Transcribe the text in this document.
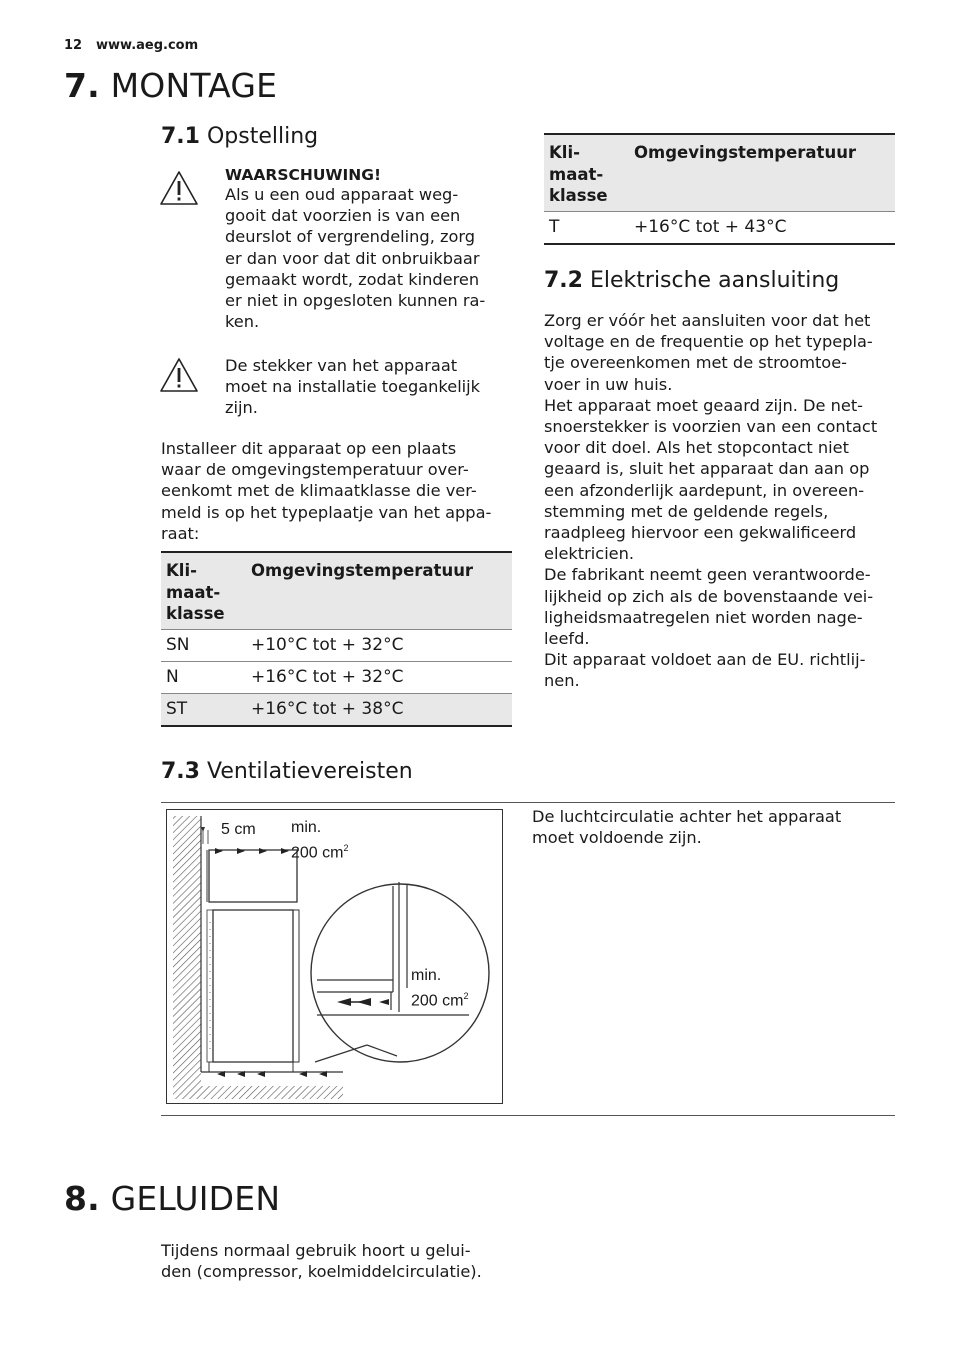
12 www.aeg.com
7. MONTAGE
7.1 Opstelling
WAARSCHUWING!
Als u een oud apparaat weg-
gooit dat voorzien is van een
deurslot of vergrendeling, zorg
er dan voor dat dit onbruikbaar
gemaakt wordt, zodat kinderen
er niet in opgesloten kunnen ra-
ken.
De stekker van het apparaat
moet na installatie toegankelijk
zijn.
Installeer dit apparaat op een plaats
waar de omgevingstemperatuur over-
eenkomt met de klimaatklasse die ver-
meld is op het typeplaatje van het appa-
raat:
Kli-
maat-
klasse	Omgevingstemperatuur
SN	+10°C tot + 32°C
N	+16°C tot + 32°C
ST	+16°C tot + 38°C
Kli-
maat-
klasse	Omgevingstemperatuur
T	+16°C tot + 43°C
7.2 Elektrische aansluiting
Zorg er vóór het aansluiten voor dat het
voltage en de frequentie op het typepla-
tje overeenkomen met de stroomtoe-
voer in uw huis.
Het apparaat moet geaard zijn. De net-
snoerstekker is voorzien van een contact
voor dit doel. Als het stopcontact niet
geaard is, sluit het apparaat dan aan op
een afzonderlijk aardepunt, in overeen-
stemming met de geldende regels,
raadpleeg hiervoor een gekwalificeerd
elektricien.
De fabrikant neemt geen verantwoorde-
lijkheid op zich als de bovenstaande vei-
ligheidsmaatregelen niet worden nage-
leefd.
Dit apparaat voldoet aan de EU. richtlij-
nen.
7.3 Ventilatievereisten
5 cm min.
200 $cm^2$
min.
200 $cm^2$
De luchtcirculatie achter het apparaat
moet voldoende zijn.
8. GELUIDEN
Tijdens normaal gebruik hoort u gelui-
den (compressor, koelmiddelcirculatie).
